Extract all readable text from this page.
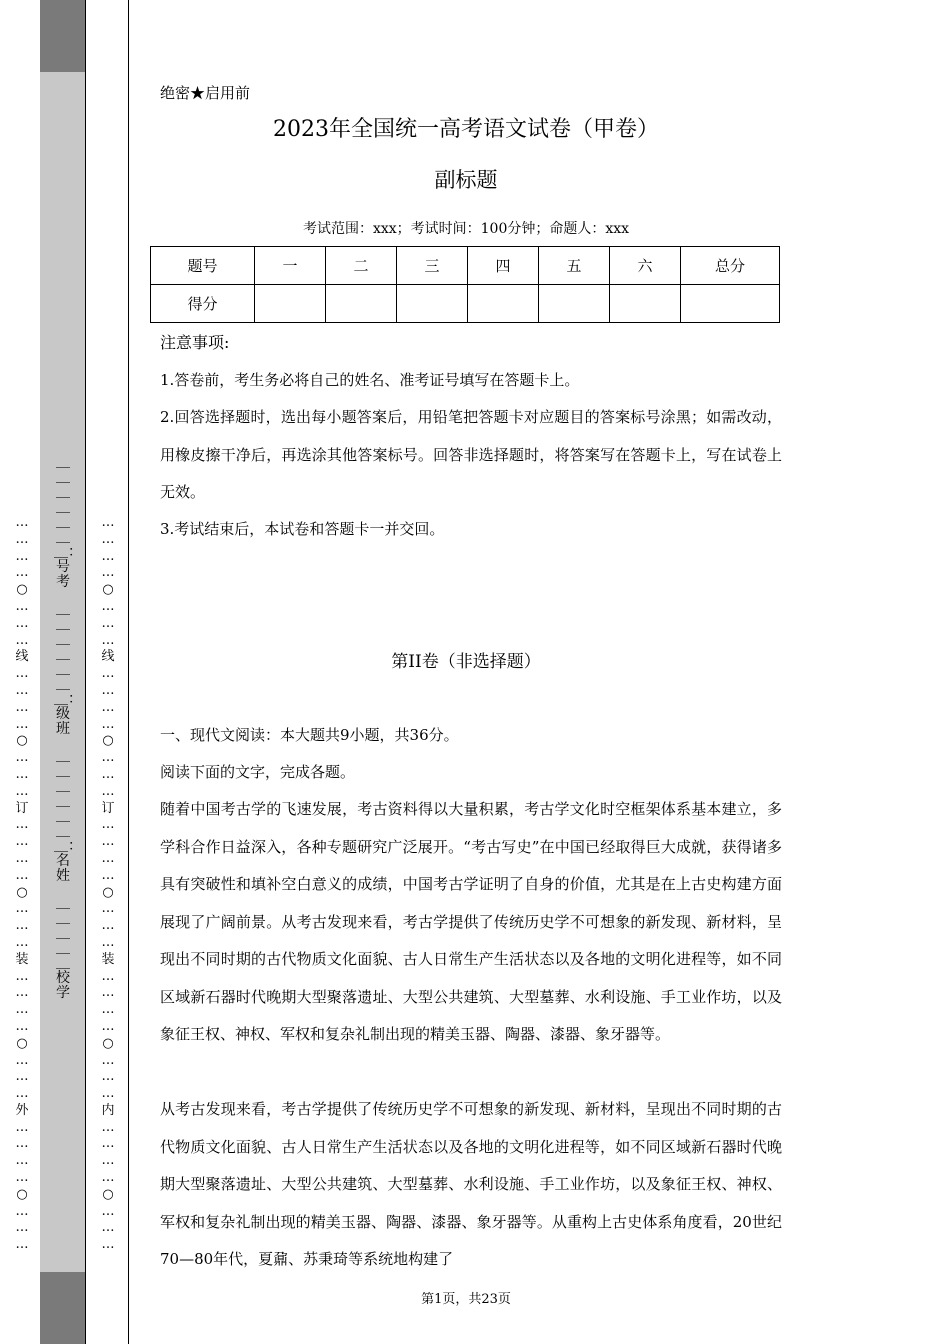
…
…
…
…
○
…
…
…
线
…
…
…
…
○
…
…
…
订
…
…
…
…
○
…
…
…
装
…
…
…
…
○
…
…
…
外
…
…
…
…
○
…
…
…
＿＿＿＿＿＿＿：
号考
＿＿＿＿＿＿＿：
级班
＿＿＿＿＿＿＿：
名姓
＿＿＿＿＿
校学
…
…
…
…
○
…
…
…
线
…
…
…
…
○
…
…
…
订
…
…
…
…
○
…
…
…
装
…
…
…
…
○
…
…
…
内
…
…
…
…
○
…
…
…
绝密★启用前
2023年全国统一高考语文试卷（甲卷）
副标题
考试范围：xxx；考试时间：100分钟；命题人：xxx
题号	一	二	三	四	五	六	总分
得分							
注意事项:
1.答卷前，考生务必将自己的姓名、准考证号填写在答题卡上。
2.回答选择题时，选出每小题答案后，用铅笔把答题卡对应题目的答案标号涂黑；如需改动，用橡皮擦干净后，再选涂其他答案标号。回答非选择题时，将答案写在答题卡上，写在试卷上无效。
3.考试结束后，本试卷和答题卡一并交回。
第II卷（非选择题）
一、现代文阅读：本大题共9小题，共36分。
阅读下面的文字，完成各题。
随着中国考古学的飞速发展，考古资料得以大量积累，考古学文化时空框架体系基本建立，多学科合作日益深入，各种专题研究广泛展开。“考古写史”在中国已经取得巨大成就，获得诸多具有突破性和填补空白意义的成绩，中国考古学证明了自身的价值，尤其是在上古史构建方面展现了广阔前景。从考古发现来看，考古学提供了传统历史学不可想象的新发现、新材料，呈现出不同时期的古代物质文化面貌、古人日常生产生活状态以及各地的文明化进程等，如不同区域新石器时代晚期大型聚落遗址、大型公共建筑、大型墓葬、水利设施、手工业作坊，以及象征王权、神权、军权和复杂礼制出现的精美玉器、陶器、漆器、象牙器等。
从考古发现来看，考古学提供了传统历史学不可想象的新发现、新材料，呈现出不同时期的古代物质文化面貌、古人日常生产生活状态以及各地的文明化进程等，如不同区域新石器时代晚期大型聚落遗址、大型公共建筑、大型墓葬、水利设施、手工业作坊，以及象征王权、神权、军权和复杂礼制出现的精美玉器、陶器、漆器、象牙器等。从重构上古史体系角度看，20世纪70—80年代，夏鼐、苏秉琦等系统地构建了
第1页，共23页
